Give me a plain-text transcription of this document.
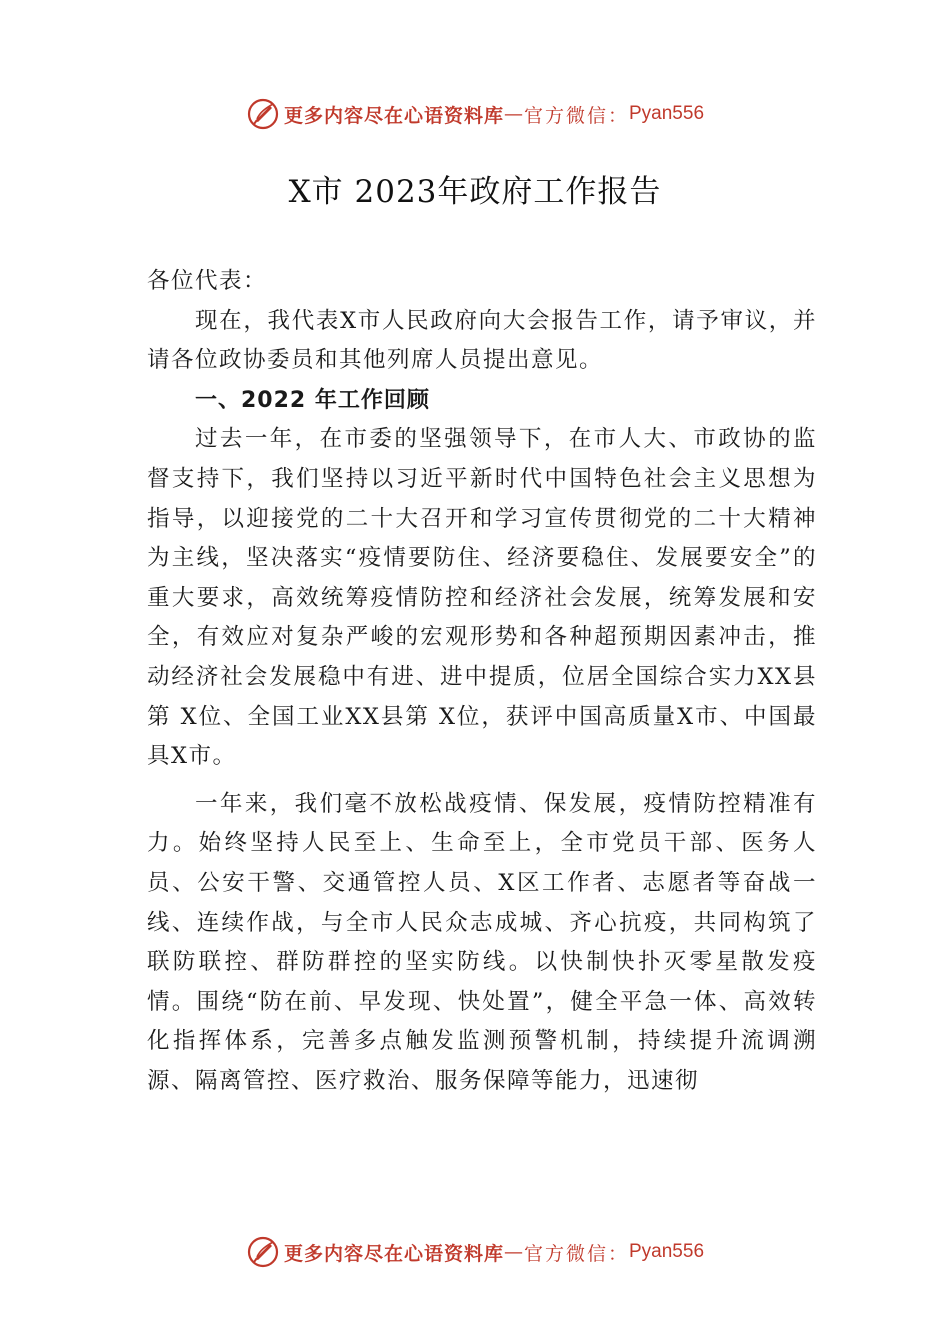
更多内容尽在心语资料库 — 官方微信： Pyan556
X市 2023年政府工作报告

各位代表：

现在，我代表X市人民政府向大会报告工作，请予审议，并请各位政协委员和其他列席人员提出意见。

一、2022 年工作回顾

过去一年，在市委的坚强领导下，在市人大、市政协的监督支持下，我们坚持以习近平新时代中国特色社会主义思想为指导，以迎接党的二十大召开和学习宣传贯彻党的二十大精神为主线，坚决落实“疫情要防住、经济要稳住、发展要安全”的重大要求，高效统筹疫情防控和经济社会发展，统筹发展和安全，有效应对复杂严峻的宏观形势和各种超预期因素冲击，推动经济社会发展稳中有进、进中提质，位居全国综合实力XX县第 X位、全国工业XX县第 X位，获评中国高质量X市、中国最具X市。

一年来，我们毫不放松战疫情、保发展，疫情防控精准有力。始终坚持人民至上、生命至上，全市党员干部、医务人员、公安干警、交通管控人员、X区工作者、志愿者等奋战一线、连续作战，与全市人民众志成城、齐心抗疫，共同构筑了联防联控、群防群控的坚实防线。以快制快扑灭零星散发疫情。围绕“防在前、早发现、快处置”，健全平急一体、高效转化指挥体系，完善多点触发监测预警机制，持续提升流调溯源、隔离管控、医疗救治、服务保障等能力，迅速彻

更多内容尽在心语资料库 — 官方微信： Pyan556
